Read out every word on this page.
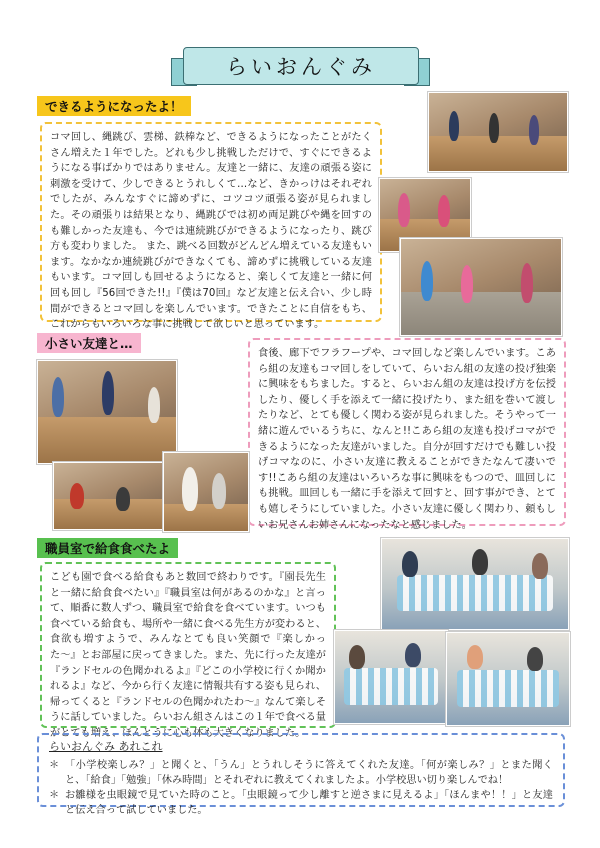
らいおんぐみ
できるようになったよ！
コマ回し、縄跳び、雲梯、鉄棒など、できるようになったことがたくさん増えた１年でした。どれも少し挑戦しただけで、すぐにできるようになる事ばかりではありません。友達と一緒に、友達の頑張る姿に刺激を受けて、少しできるとうれしくて…など、きかっけはそれぞれでしたが、みんなすぐに諦めずに、コツコツ頑張る姿が見られました。その頑張りは結果となり、縄跳びでは初め両足跳びや縄を回すのも難しかった友達も、今では連続跳びができるようになったり、跳び方も変わりました。 また、跳べる回数がどんどん増えている友達もいます。なかなか連続跳びができなくても、諦めずに挑戦している友達もいます。コマ回しも回せるようになると、楽しくて友達と一緒に何回も回し『56回できた!!』『僕は70回』など友達と伝え合い、少し時間ができるとコマ回しを楽しんでいます。できたことに自信をもち、これからもいろいろな事に挑戦して欲しいと思っています。
小さい友達と…
食後、廊下でフラフープや、コマ回しなど楽しんでいます。こあら組の友達もコマ回しをしていて、らいおん組の友達の投げ独楽に興味をもちました。すると、らいおん組の友達は投げ方を伝授したり、優しく手を添えて一緒に投げたり、また紐を巻いて渡したりなど、とても優しく関わる姿が見られました。そうやって一緒に遊んでいるうちに、なんと!!こあら組の友達も投げコマができるようになった友達がいました。自分が回すだけでも難しい投げコマなのに、小さい友達に教えることができたなんて凄いです!!こあら組の友達はいろいろな事に興味をもつので、皿回しにも挑戦。皿回しも一緒に手を添えて回すと、回す事ができ、とても嬉しそうにしていました。小さい友達に優しく関わり、頼もしいお兄さんお姉さんになったなと感じました。
職員室で給食食べたよ
こども園で食べる給食もあと数回で終わりです。『園長先生と一緒に給食食べたい』『職員室は何があるのかな』と言って、順番に数人ずつ、職員室で給食を食べています。いつも食べている給食も、場所や一緒に食べる先生方が変わると、食欲も増すようで、みんなとても良い笑顔で『楽しかった〜』とお部屋に戻ってきました。また、先に行った友達が『ランドセルの色聞かれるよ』『どこの小学校に行くか聞かれるよ』など、今から行く友達に情報共有する姿も見られ、帰ってくると『ランドセルの色聞かれたわ〜』なんて楽しそうに話していました。らいおん組さんはこの１年で食べる量がとても増え、ほんとうに心も体も大きくなりました。
らいおんぐみ あれこれ
＊ 「小学校楽しみ？」と聞くと、「うん」とうれしそうに答えてくれた友達。「何が楽しみ？」とまた聞くと、「給食」「勉強」「休み時間」とそれぞれに教えてくれましたよ。小学校思い切り楽しんでね！
＊ お雛様を虫眼鏡で見ていた時のこと。「虫眼鏡って少し離すと逆さまに見えるよ」「ほんまや！！」と友達と伝え合って試していました。
